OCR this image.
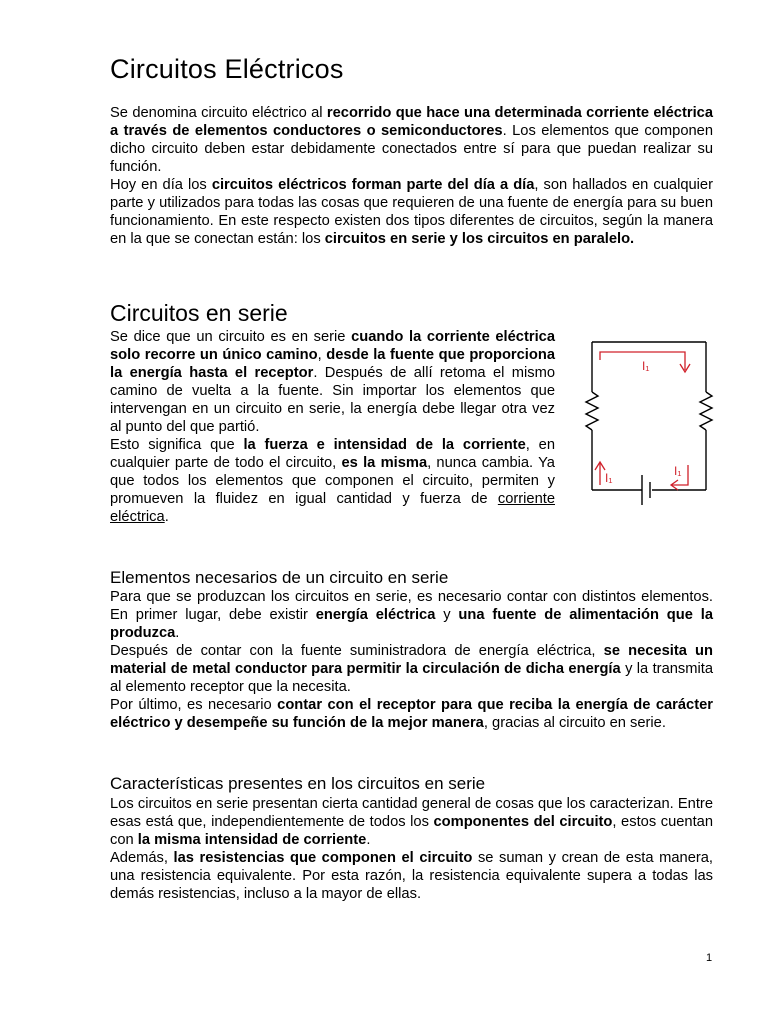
Circuitos Eléctricos

Se denomina circuito eléctrico al recorrido que hace una determinada corriente eléctrica a través de elementos conductores o semiconductores. Los elementos que componen dicho circuito deben estar debidamente conectados entre sí para que puedan realizar su función.

Hoy en día los circuitos eléctricos forman parte del día a día, son hallados en cualquier parte y utilizados para todas las cosas que requieren de una fuente de energía para su buen funcionamiento. En este respecto existen dos tipos diferentes de circuitos, según la manera en la que se conectan están: los circuitos en serie y los circuitos en paralelo.

Circuitos en serie

Se dice que un circuito es en serie cuando la corriente eléctrica solo recorre un único camino, desde la fuente que proporciona la energía hasta el receptor. Después de allí retoma el mismo camino de vuelta a la fuente. Sin importar los elementos que intervengan en un circuito en serie, la energía debe llegar otra vez al punto del que partió.

Esto significa que la fuerza e intensidad de la corriente, en cualquier parte de todo el circuito, es la misma, nunca cambia. Ya que todos los elementos que componen el circuito, permiten y promueven la fluidez en igual cantidad y fuerza de corriente eléctrica.

I₁
I₁	I₁
Elementos necesarios de un circuito en serie

Para que se produzcan los circuitos en serie, es necesario contar con distintos elementos. En primer lugar, debe existir energía eléctrica y una fuente de alimentación que la produzca.

Después de contar con la fuente suministradora de energía eléctrica, se necesita un material de metal conductor para permitir la circulación de dicha energía y la transmita al elemento receptor que la necesita.

Por último, es necesario contar con el receptor para que reciba la energía de carácter eléctrico y desempeñe su función de la mejor manera, gracias al circuito en serie.

Características presentes en los circuitos en serie

Los circuitos en serie presentan cierta cantidad general de cosas que los caracterizan. Entre esas está que, independientemente de todos los componentes del circuito, estos cuentan con la misma intensidad de corriente.

Además, las resistencias que componen el circuito se suman y crean de esta manera, una resistencia equivalente. Por esta razón, la resistencia equivalente supera a todas las demás resistencias, incluso a la mayor de ellas.

1
